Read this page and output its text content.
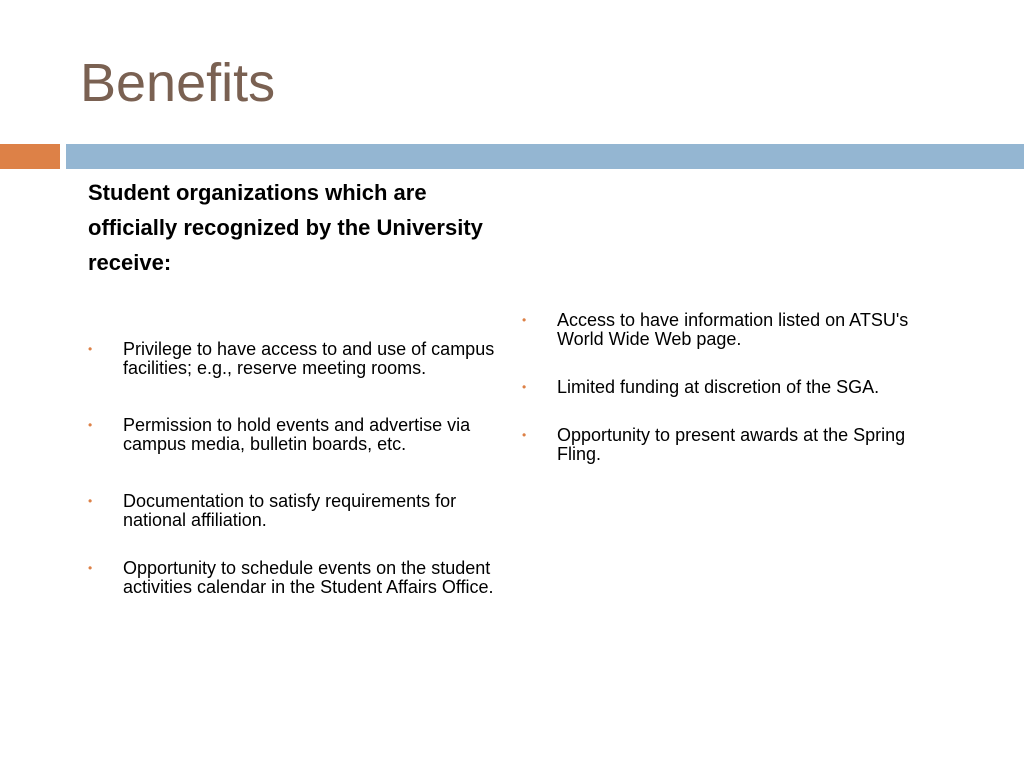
Benefits
Student organizations which are
officially recognized by the University
receive:
• Privilege to have access to and use of campus facilities; e.g., reserve meeting rooms.
• Permission to hold events and advertise via campus media, bulletin boards, etc.
• Documentation to satisfy requirements for national affiliation.
• Opportunity to schedule events on the student activities calendar in the Student Affairs Office.
• Access to have information listed on ATSU's World Wide Web page.
• Limited funding at discretion of the SGA.
• Opportunity to present awards at the Spring Fling.
